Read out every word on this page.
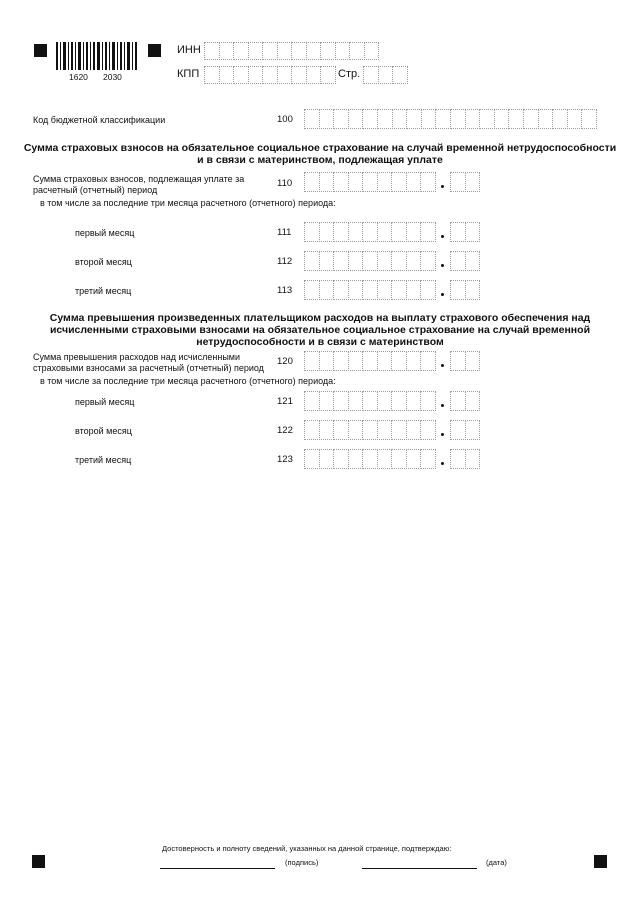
1620 2030
ИНН
КПП	Стр.
Код бюджетной классификации	100
Сумма страховых взносов на обязательное социальное страхование на случай временной нетрудоспособности
и в связи с материнством, подлежащая уплате
Сумма страховых взносов, подлежащая уплате за
расчетный (отчетный) период
110
в том числе за последние три месяца расчетного (отчетного) периода:
первый месяц	111
второй месяц	112
третий месяц	113
Сумма превышения произведенных плательщиком расходов на выплату страхового обеспечения над
исчисленными страховыми взносами на обязательное социальное страхование на случай временной
нетрудоспособности и в связи с материнством
Сумма превышения расходов над исчисленными
страховыми взносами за расчетный (отчетный) период
120
в том числе за последние три месяца расчетного (отчетного) периода:
первый месяц	121
второй месяц	122
третий месяц	123
Достоверность и полноту сведений, указанных на данной странице, подтверждаю:
(подпись)	(дата)
